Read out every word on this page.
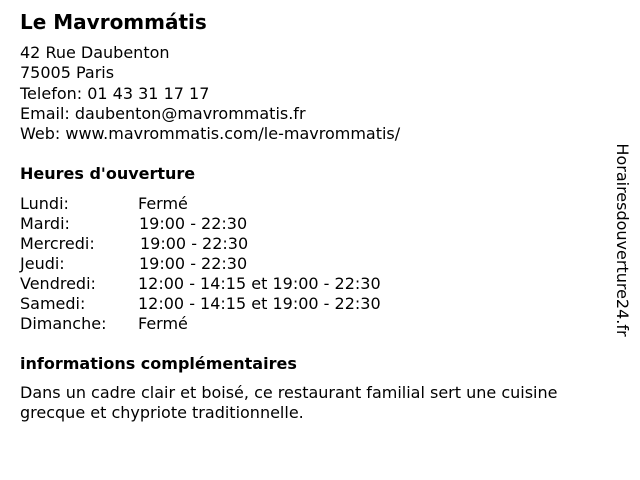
Le Mavrommátis
42 Rue Daubenton
75005 Paris
Telefon: 01 43 31 17 17
Email: daubenton@mavrommatis.fr
Web: www.mavrommatis.com/le-mavrommatis/
Heures d'ouverture
Lundi:	Fermé
Mardi:	19:00 - 22:30
Mercredi:	19:00 - 22:30
Jeudi:	19:00 - 22:30
Vendredi:	12:00 - 14:15 et 19:00 - 22:30
Samedi:	12:00 - 14:15 et 19:00 - 22:30
Dimanche: Fermé
informations complémentaires
Dans un cadre clair et boisé, ce restaurant familial sert une cuisine grecque et chypriote traditionnelle.
Horairesdouverture24.fr
